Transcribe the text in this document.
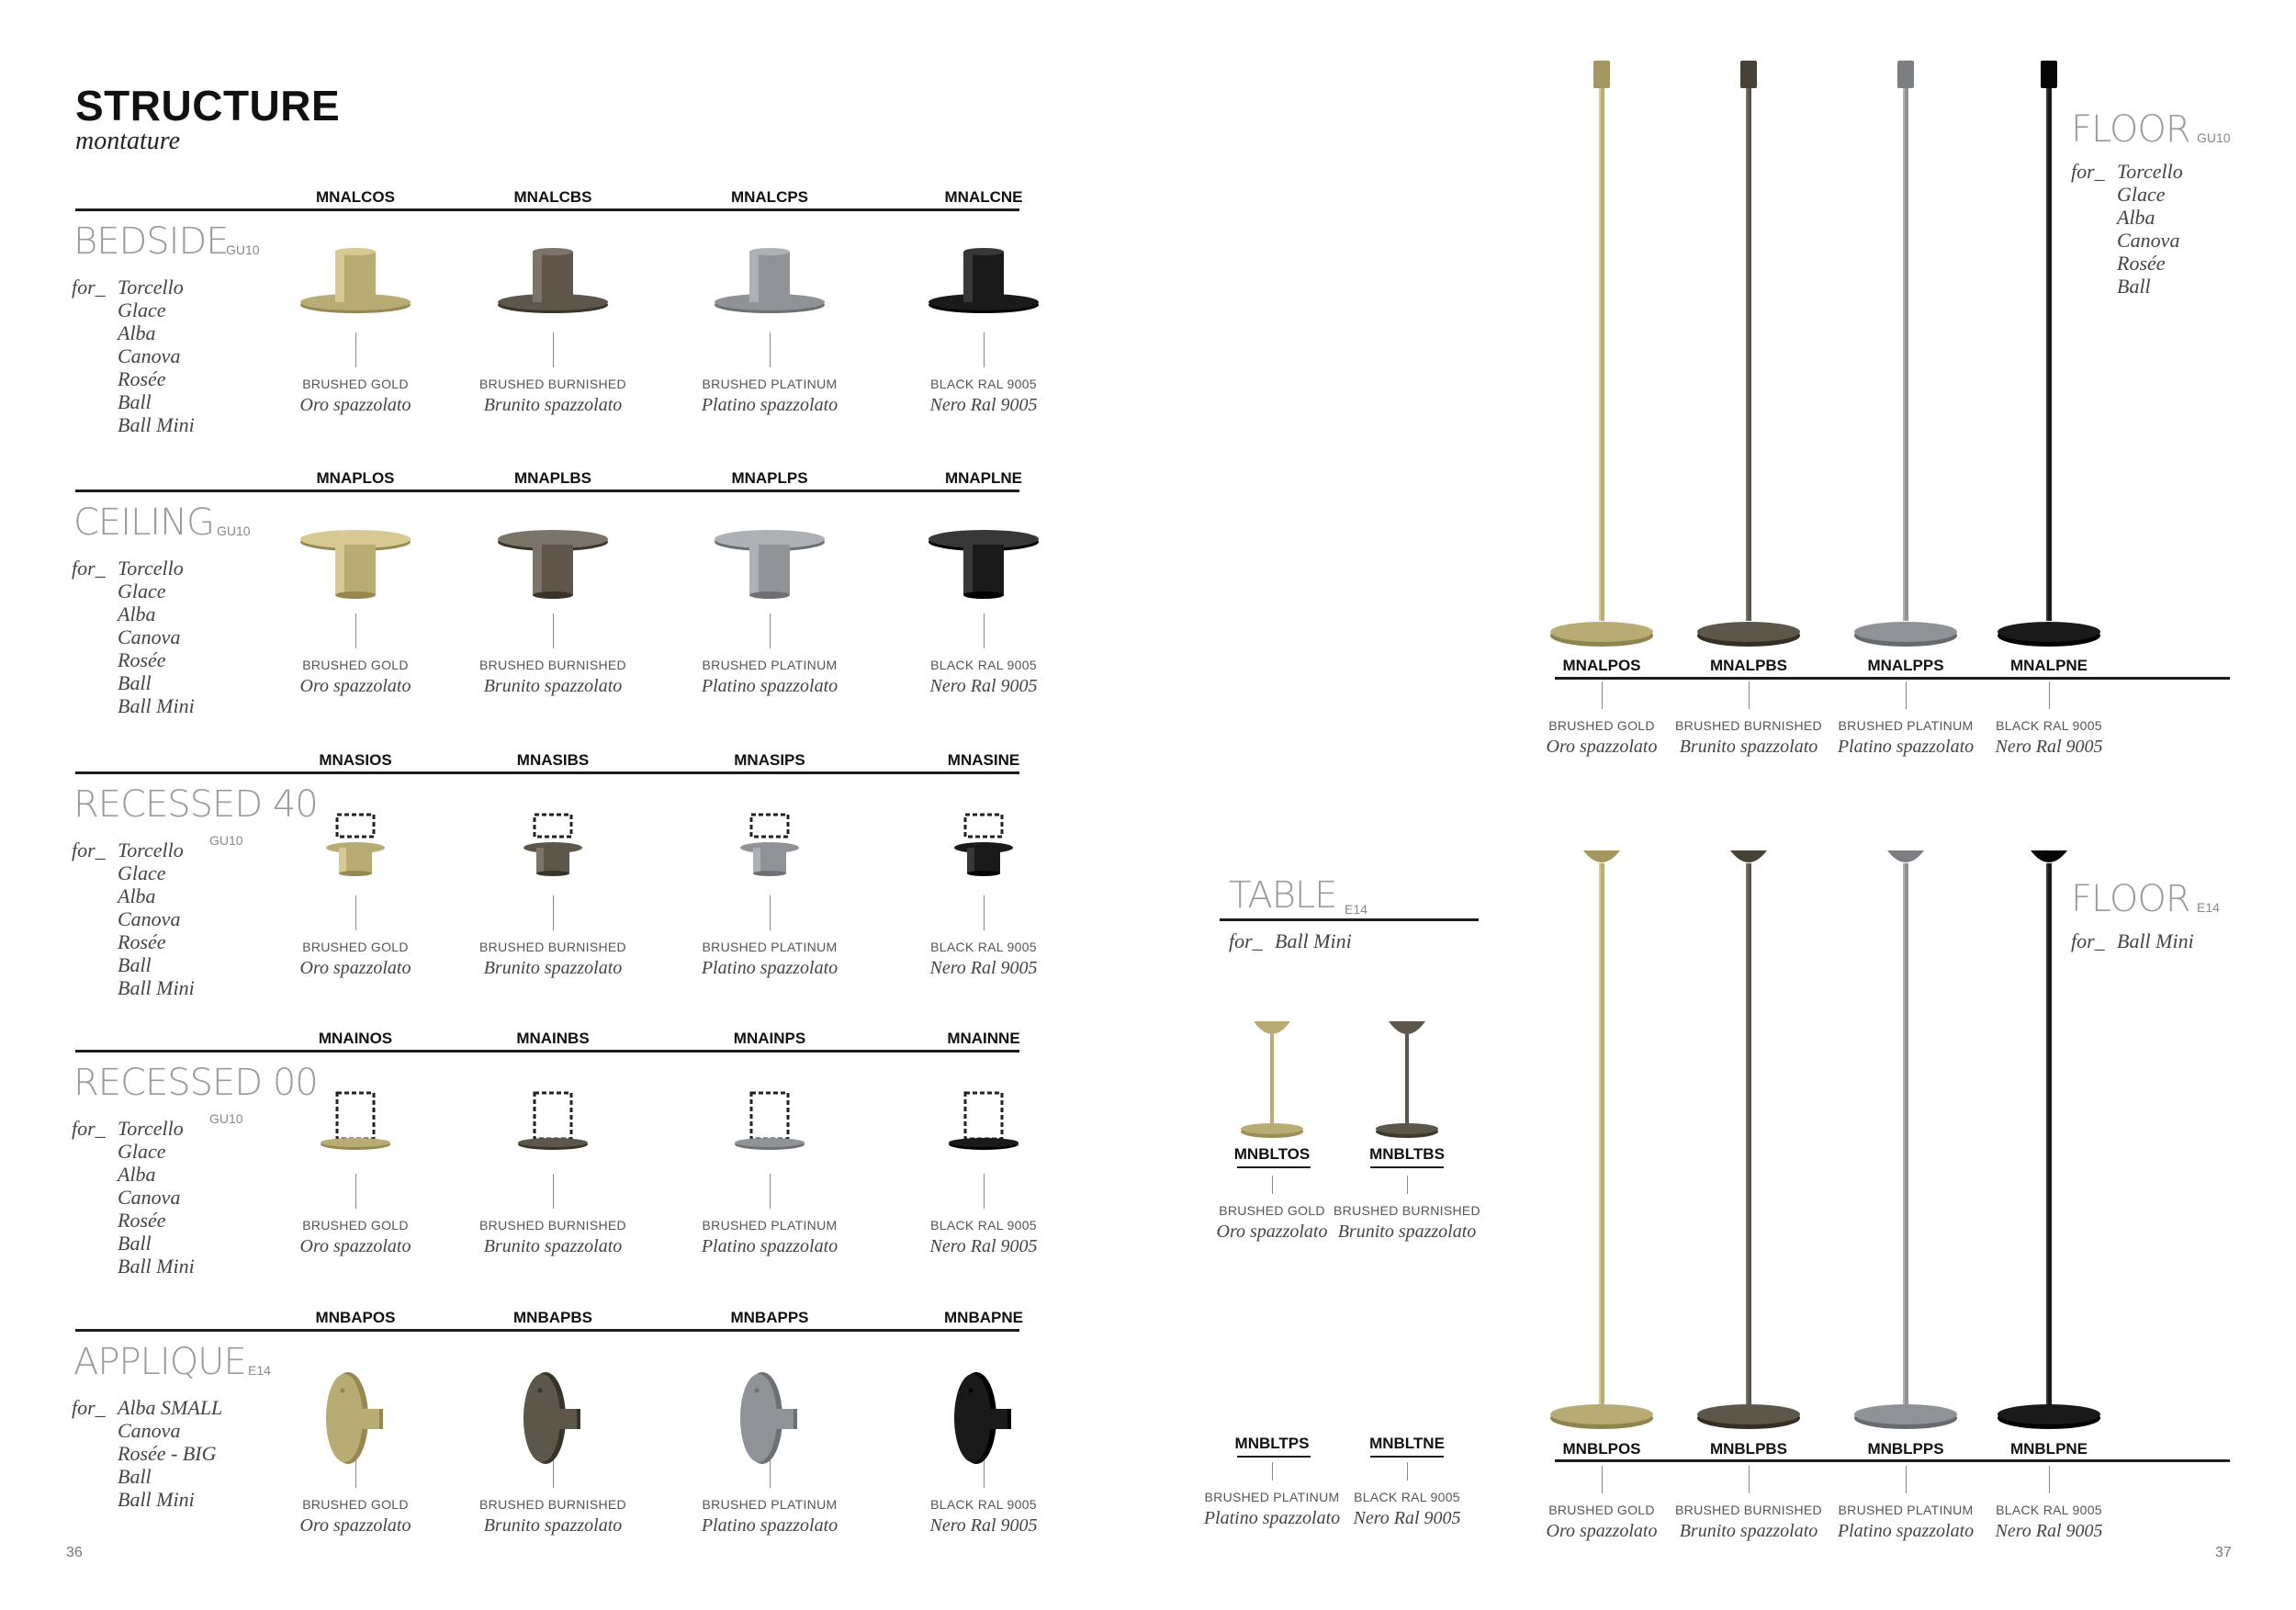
STRUCTURE
montature
MNALCOS	MNALCBS	MNALCPS	MNALCNE
BEDSIDE
GU10
for_ Torcello
Glace
Alba
Canova
Rosée
Ball
Ball Mini
BRUSHED GOLD
Oro spazzolato
BRUSHED BURNISHED
Brunito spazzolato
BRUSHED PLATINUM
Platino spazzolato
BLACK RAL 9005
Nero Ral 9005
MNAPLOS	MNAPLBS	MNAPLPS	MNAPLNE
CEILING GU10
for_ Torcello
Glace
Alba
Canova
Rosée
Ball
Ball Mini
BRUSHED GOLD
Oro spazzolato
BRUSHED BURNISHED
Brunito spazzolato
BRUSHED PLATINUM
Platino spazzolato
BLACK RAL 9005
Nero Ral 9005
MNASIOS	MNASIBS	MNASIPS	MNASINE
RECESSED 40
GU10
for_ Torcello
Glace
Alba
Canova
Rosée
Ball
Ball Mini
BRUSHED GOLD
Oro spazzolato
BRUSHED BURNISHED
Brunito spazzolato
BRUSHED PLATINUM
Platino spazzolato
BLACK RAL 9005
Nero Ral 9005
MNAINOS	MNAINBS	MNAINPS	MNAINNE
RECESSED 00
GU10
for_ Torcello
Glace
Alba
Canova
Rosée
Ball
Ball Mini
BRUSHED GOLD
Oro spazzolato
BRUSHED BURNISHED
Brunito spazzolato
BRUSHED PLATINUM
Platino spazzolato
BLACK RAL 9005
Nero Ral 9005
MNBAPOS	MNBAPBS	MNBAPPS	MNBAPNE
APPLIQUE E14
for_ Alba SMALL
Canova
Rosée - BIG
Ball
Ball Mini	BRUSHED GOLD
Oro spazzolato
BRUSHED BURNISHED
Brunito spazzolato
BRUSHED PLATINUM
Platino spazzolato
BLACK RAL 9005
Nero Ral 9005
TABLE E14
for_ Ball Mini
FLOOR GU10
for_ Torcello
Glace
Alba
Canova
Rosée
Ball
FLOOR E14
for_ Ball Mini
MNALPOS
BRUSHED GOLD
Oro spazzolato
MNALPBS
BRUSHED BURNISHED
Brunito spazzolato
MNALPPS
BRUSHED PLATINUM
Platino spazzolato
MNALPNE
BLACK RAL 9005
Nero Ral 9005
MNBLPOS
BRUSHED GOLD
Oro spazzolato
MNBLPBS
BRUSHED BURNISHED
Brunito spazzolato
MNBLPPS
BRUSHED PLATINUM
Platino spazzolato
MNBLPNE
BLACK RAL 9005
Nero Ral 9005
MNBLTOS
BRUSHED GOLD
Oro spazzolato
MNBLTBS
BRUSHED BURNISHED
Brunito spazzolato
MNBLTPS
BRUSHED PLATINUM
Platino spazzolato
MNBLTNE
BLACK RAL 9005
Nero Ral 9005
36	37
